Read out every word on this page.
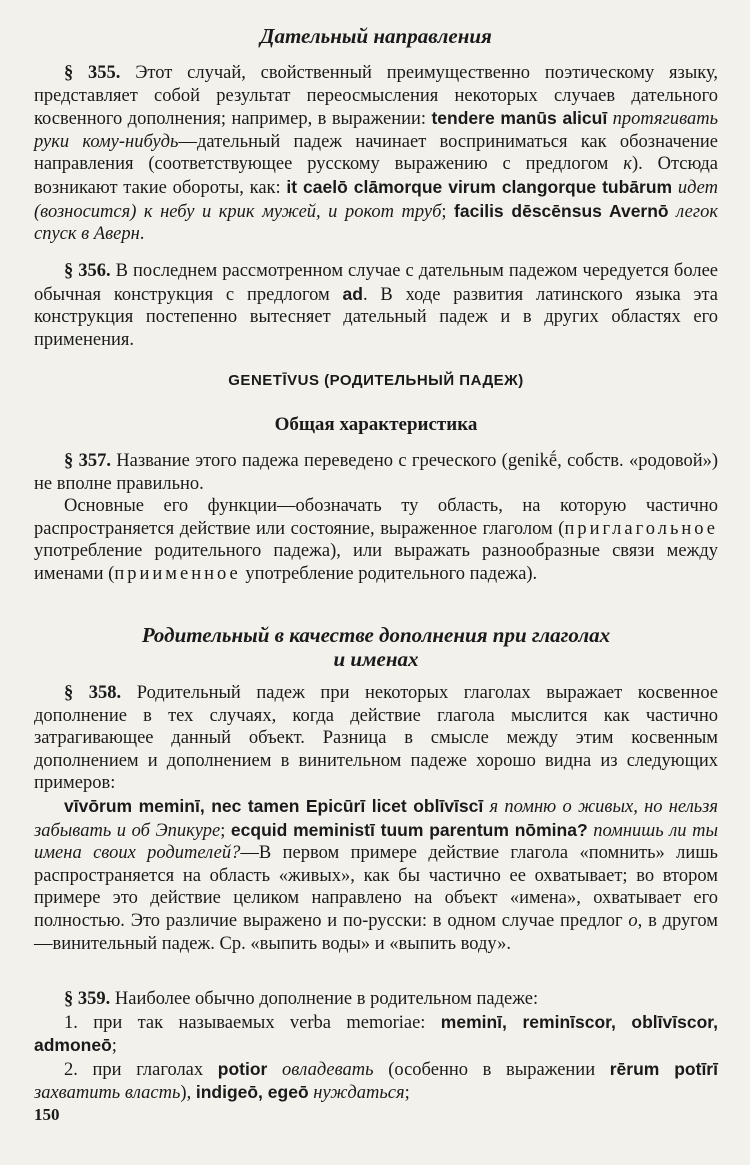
Дательный направления

§ 355. Этот случай, свойственный преимущественно поэтическому языку, представляет собой результат переосмысления некоторых случаев дательного косвенного дополнения; например, в выражении: tendere manūs alicuī протягивать руки кому-нибудь—дательный падеж начинает восприниматься как обозначение направления (соответствующее русскому выражению с предлогом к). Отсюда возникают такие обороты, как: it caelō clāmorque virum clangorque tubārum идет (возносится) к небу и крик мужей, и рокот труб; facilis dēscēnsus Avernō легок спуск в Аверн.

§ 356. В последнем рассмотренном случае с дательным падежом чередуется более обычная конструкция с предлогом ad. В ходе развития латинского языка эта конструкция постепенно вытесняет дательный падеж и в других областях его применения.

GENETĪVUS (РОДИТЕЛЬНЫЙ ПАДЕЖ)

Общая характеристика

§ 357. Название этого падежа переведено с греческого (genikḗ, собств. «родовой») не вполне правильно.

Основные его функции—обозначать ту область, на которую частично распространяется действие или состояние, выраженное глаголом (приглагольное употребление родительного падежа), или выражать разнообразные связи между именами (приименное употребление родительного падежа).

Родительный в качестве дополнения при глаголах

и именах

§ 358. Родительный падеж при некоторых глаголах выражает косвенное дополнение в тех случаях, когда действие глагола мыслится как частично затрагивающее данный объект. Разница в смысле между этим косвенным дополнением и дополнением в винительном падеже хорошо видна из следующих примеров:

vīvōrum meminī, nec tamen Epicūrī licet oblīvīscī я помню о живых, но нельзя забывать и об Эпикуре; ecquid meministī tuum parentum nōmina? помнишь ли ты имена своих родителей?—В первом примере действие глагола «помнить» лишь распространяется на область «живых», как бы частично ее охватывает; во втором примере это действие целиком направлено на объект «имена», охватывает его полностью. Это различие выражено и по-русски: в одном случае предлог о, в другом—винительный падеж. Ср. «выпить воды» и «выпить воду».

§ 359. Наиболее обычно дополнение в родительном падеже:

1. при так называемых verba memoriae: meminī, reminīscor, oblīvīscor, admoneō;

2. при глаголах potior овладевать (особенно в выражении rērum potīrī захватить власть), indigeō, egeō нуждаться;

150
